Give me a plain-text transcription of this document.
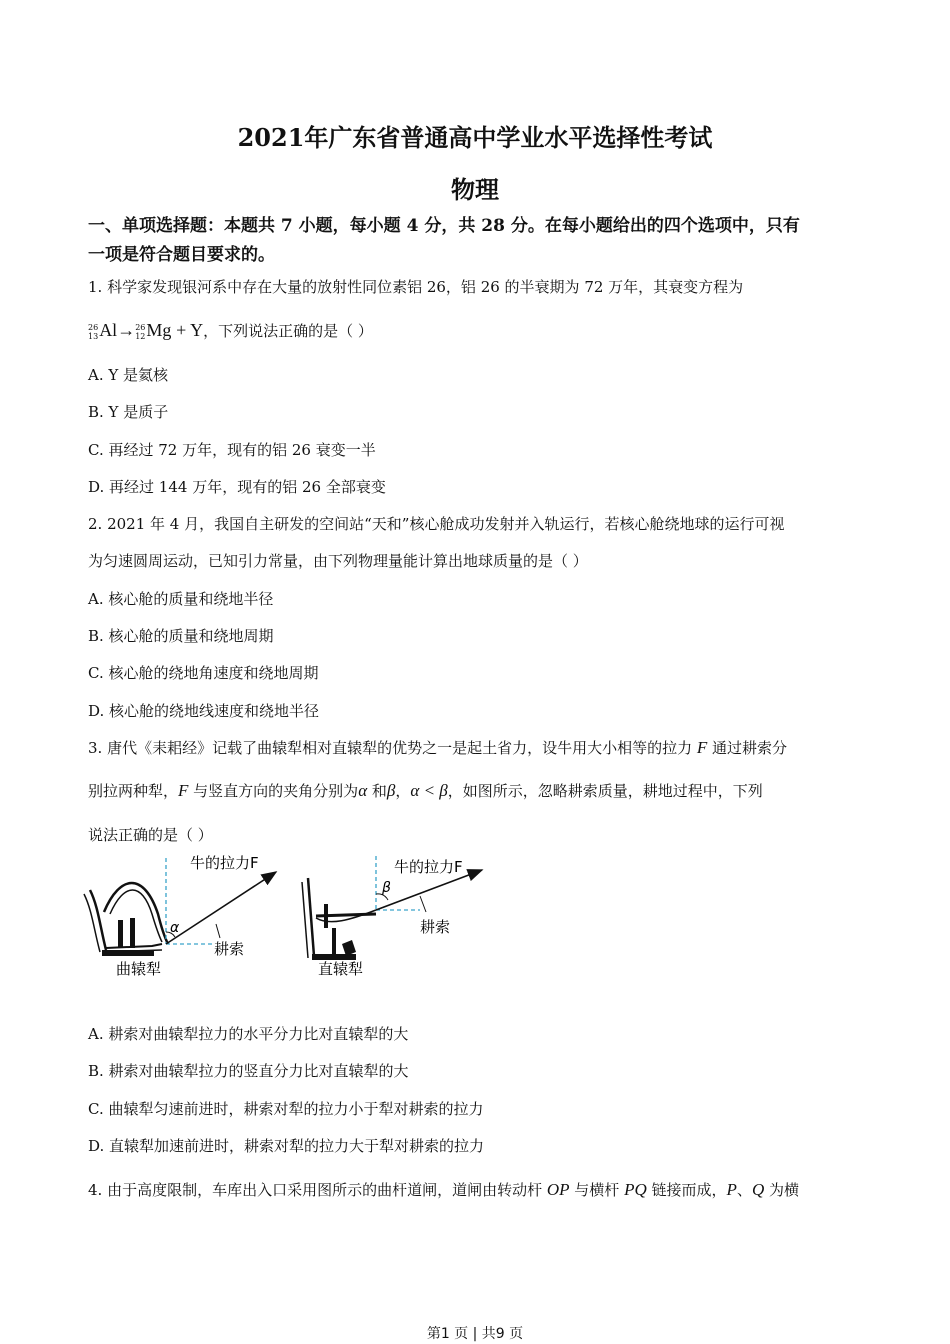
2021年广东省普通高中学业水平选择性考试
物理
一、单项选择题：本题共 7 小题，每小题 4 分，共 28 分。在每小题给出的四个选项中，只有
一项是符合题目要求的。
1. 科学家发现银河系中存在大量的放射性同位素铝 26，铝 26 的半衰期为 72 万年，其衰变方程为
26
13Al→26
12Mg + Y，下列说法正确的是（ ）
A. Y 是氦核
B. Y 是质子
C. 再经过 72 万年，现有的铝 26 衰变一半
D. 再经过 144 万年，现有的铝 26 全部衰变
2. 2021 年 4 月，我国自主研发的空间站“天和”核心舱成功发射并入轨运行，若核心舱绕地球的运行可视
为匀速圆周运动，已知引力常量，由下列物理量能计算出地球质量的是（ ）
A. 核心舱的质量和绕地半径
B. 核心舱的质量和绕地周期
C. 核心舱的绕地角速度和绕地周期
D. 核心舱的绕地线速度和绕地半径
3. 唐代《耒耜经》记载了曲辕犁相对直辕犁的优势之一是起土省力，设牛用大小相等的拉力 F 通过耕索分
别拉两种犁，F 与竖直方向的夹角分别为α 和β，α < β，如图所示，忽略耕索质量，耕地过程中，下列
说法正确的是（ ）
牛的拉力F
α
耕索
曲辕犁
牛的拉力F
β
耕索
直辕犁
A. 耕索对曲辕犁拉力的水平分力比对直辕犁的大
B. 耕索对曲辕犁拉力的竖直分力比对直辕犁的大
C. 曲辕犁匀速前进时，耕索对犁的拉力小于犁对耕索的拉力
D. 直辕犁加速前进时，耕索对犁的拉力大于犁对耕索的拉力
4. 由于高度限制，车库出入口采用图所示的曲杆道闸，道闸由转动杆 OP 与横杆 PQ 链接而成，P、Q 为横
第1 页 | 共9 页
